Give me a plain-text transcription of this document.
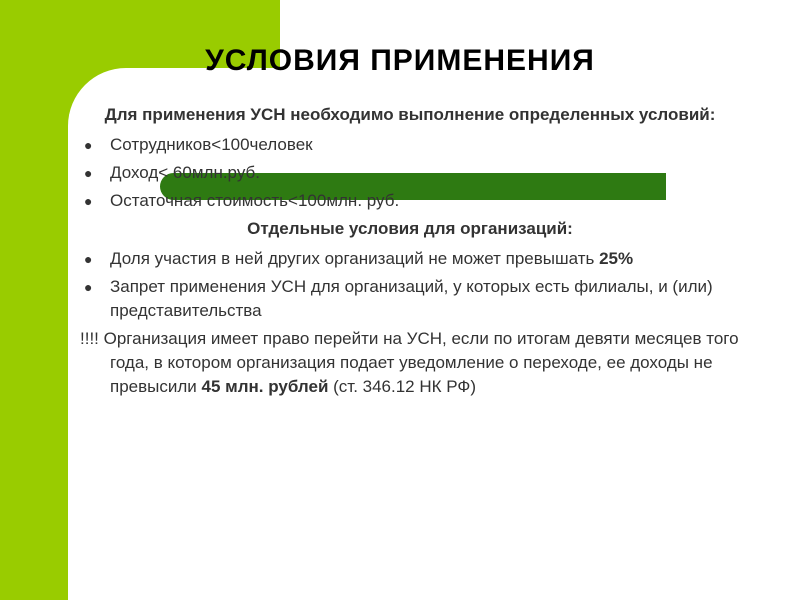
УСЛОВИЯ ПРИМЕНЕНИЯ

Для применения УСН необходимо выполнение определенных условий:

● Сотрудников<100человек
● Доход< 60млн.руб.
● Остаточная стоимость<100млн. руб.

Отдельные условия для организаций:

● Доля участия в ней других организаций не может превышать 25%
● Запрет применения УСН для организаций, у которых есть филиалы, и (или) представительства

!!!! Организация имеет право перейти на УСН, если по итогам девяти месяцев того года, в котором организация подает уведомление о переходе, ее доходы не превысили 45 млн. рублей (ст. 346.12 НК РФ)
